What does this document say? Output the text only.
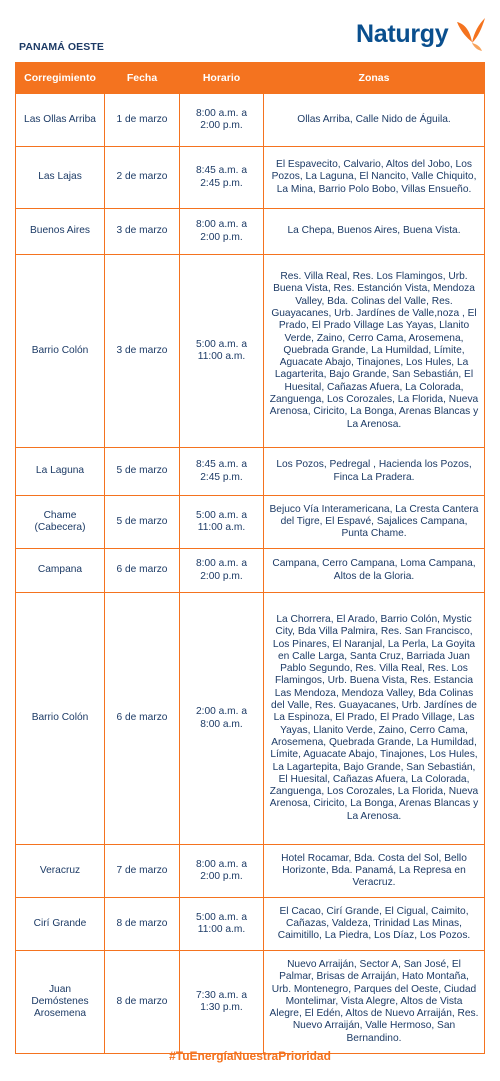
PANAMÁ OESTE	Naturgy
Corregimiento	Fecha	Horario	Zonas
Las Ollas Arriba	1 de marzo	8:00 a.m. a 2:00 p.m.	Ollas Arriba, Calle Nido de Águila.
Las Lajas	2 de marzo	8:45 a.m. a 2:45 p.m.	El Espavecito, Calvario, Altos del Jobo, Los Pozos, La Laguna, El Nancito, Valle Chiquito, La Mina, Barrio Polo Bobo, Villas Ensueño.
Buenos Aires	3 de marzo	8:00 a.m. a 2:00 p.m.	La Chepa, Buenos Aires, Buena Vista.
Barrio Colón	3 de marzo	5:00 a.m. a 11:00 a.m.	Res. Villa Real, Res. Los Flamingos, Urb. Buena Vista, Res. Estanción Vista, Mendoza Valley, Bda. Colinas del Valle, Res. Guayacanes, Urb. Jardínes de Valle,noza , El Prado, El Prado Village Las Yayas, Llanito Verde, Zaino, Cerro Cama, Arosemena, Quebrada Grande, La Humildad, Límite, Aguacate Abajo, Tinajones, Los Hules, La Lagarterita, Bajo Grande, San Sebastián, El Huesital, Cañazas Afuera, La Colorada, Zanguenga, Los Corozales, La Florida, Nueva Arenosa, Ciricito, La Bonga, Arenas Blancas y La Arenosa.
La Laguna	5 de marzo	8:45 a.m. a 2:45 p.m.	Los Pozos, Pedregal , Hacienda los Pozos, Finca La Pradera.
Chame (Cabecera)	5 de marzo	5:00 a.m. a 11:00 a.m.	Bejuco Vía Interamericana, La Cresta Cantera del Tigre, El Espavé, Sajalices Campana, Punta Chame.
Campana	6 de marzo	8:00 a.m. a 2:00 p.m.	Campana, Cerro Campana, Loma Campana, Altos de la Gloria.
Barrio Colón	6 de marzo	2:00 a.m. a 8:00 a.m.	La Chorrera, El Arado, Barrio Colón, Mystic City, Bda Villa Palmira, Res. San Francisco, Los Pinares, El Naranjal, La Perla, La Goyita en Calle Larga, Santa Cruz, Barriada Juan Pablo Segundo, Res. Villa Real, Res. Los Flamingos, Urb. Buena Vista, Res. Estancia Las Mendoza, Mendoza Valley, Bda Colinas del Valle, Res. Guayacanes, Urb. Jardínes de La Espinoza, El Prado, El Prado Village, Las Yayas, Llanito Verde, Zaino, Cerro Cama, Arosemena, Quebrada Grande, La Humildad, Límite, Aguacate Abajo, Tinajones, Los Hules, La Lagartерita, Bajo Grande, San Sebastián, El Huesital, Cañazas Afuera, La Colorada, Zanguenga, Los Corozales, La Florida, Nueva Arenosa, Ciricito, La Bonga, Arenas Blancas y La Arenosa.
Veracruz	7 de marzo	8:00 a.m. a 2:00 p.m.	Hotel Rocamar, Bda. Costa del Sol, Bello Horizonte, Bda. Panamá, La Represa en Veracruz.
Cirí Grande	8 de marzo	5:00 a.m. a 11:00 a.m.	El Cacao, Cirí Grande, El Cigual, Caimito, Cañazas, Valdeza, Trinidad Las Minas, Caimitillo, La Piedra, Los Díaz, Los Pozos.
Juan Demóstenes Arosemena	8 de marzo	7:30 a.m. a 1:30 p.m.	Nuevo Arraiján, Sector A, San José, El Palmar, Brisas de Arraiján, Hato Montaña, Urb. Montenegro, Parques del Oeste, Ciudad Montelimar, Vista Alegre, Altos de Vista Alegre, El Edén, Altos de Nuevo Arraiján, Res. Nuevo Arraiján, Valle Hermoso, San Bernandino.
#TuEnergíaNuestraPrioridad
